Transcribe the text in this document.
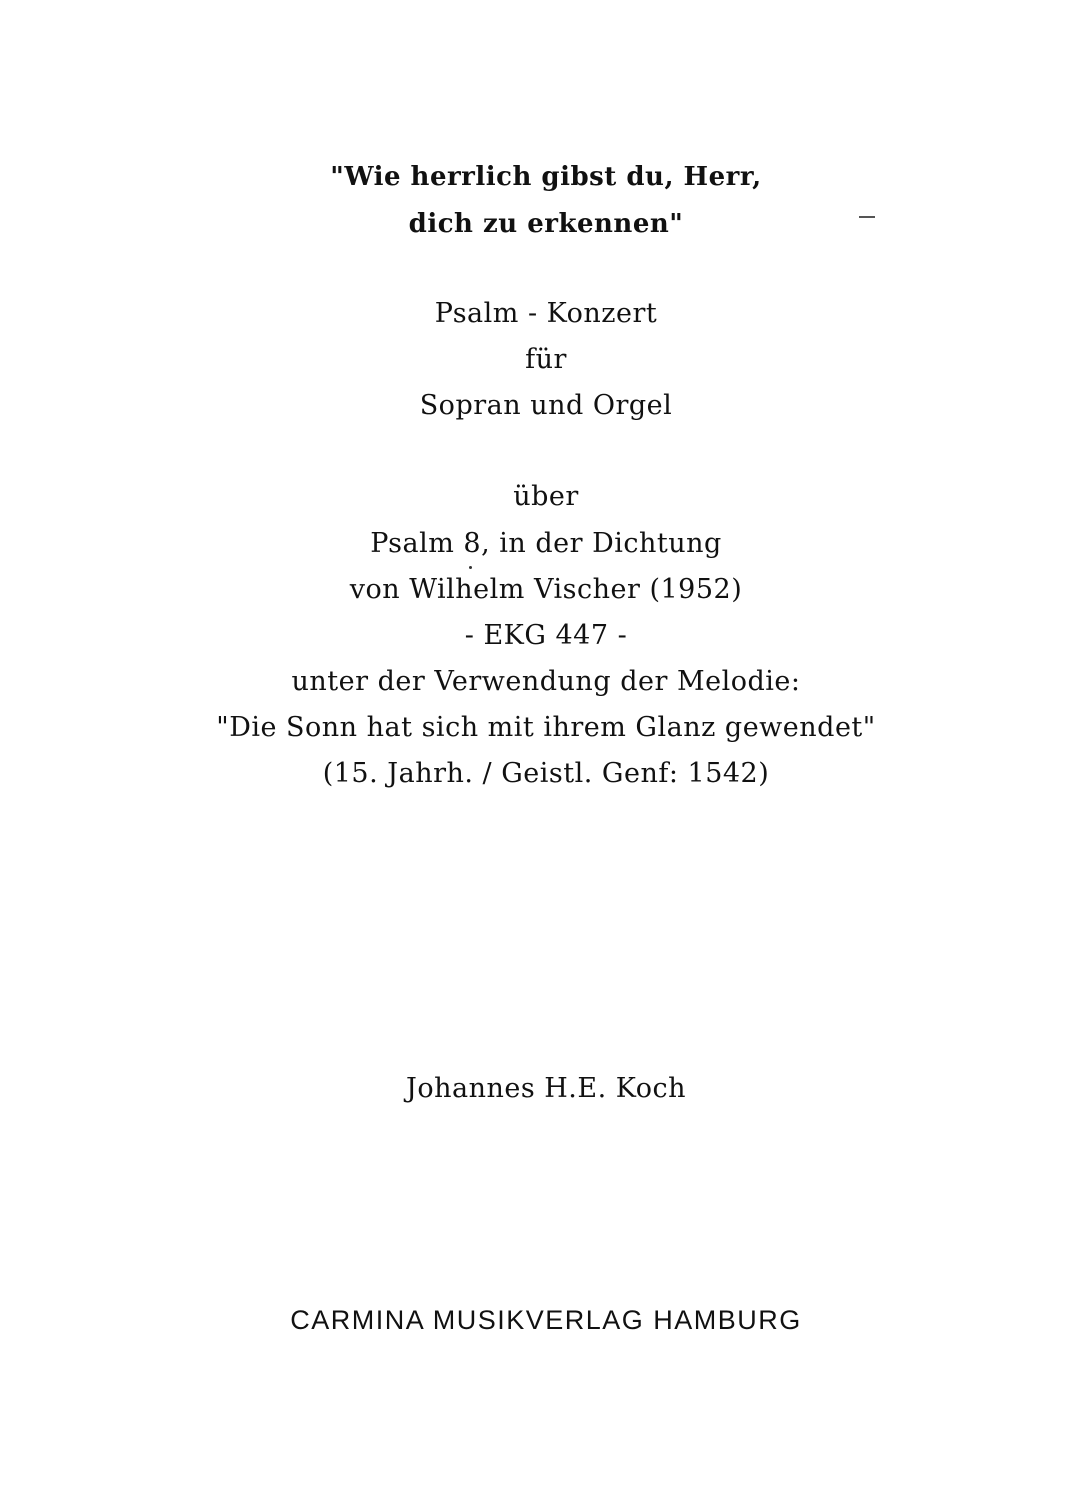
"Wie herrlich gibst du, Herr,
dich zu erkennen"
Psalm - Konzert
für
Sopran und Orgel
über
Psalm 8, in der Dichtung
von Wilhelm Vischer (1952)
- EKG 447 -
unter der Verwendung der Melodie:
"Die Sonn hat sich mit ihrem Glanz gewendet"
(15. Jahrh. / Geistl. Genf: 1542)
Johannes H.E. Koch
CARMINA MUSIKVERLAG HAMBURG
